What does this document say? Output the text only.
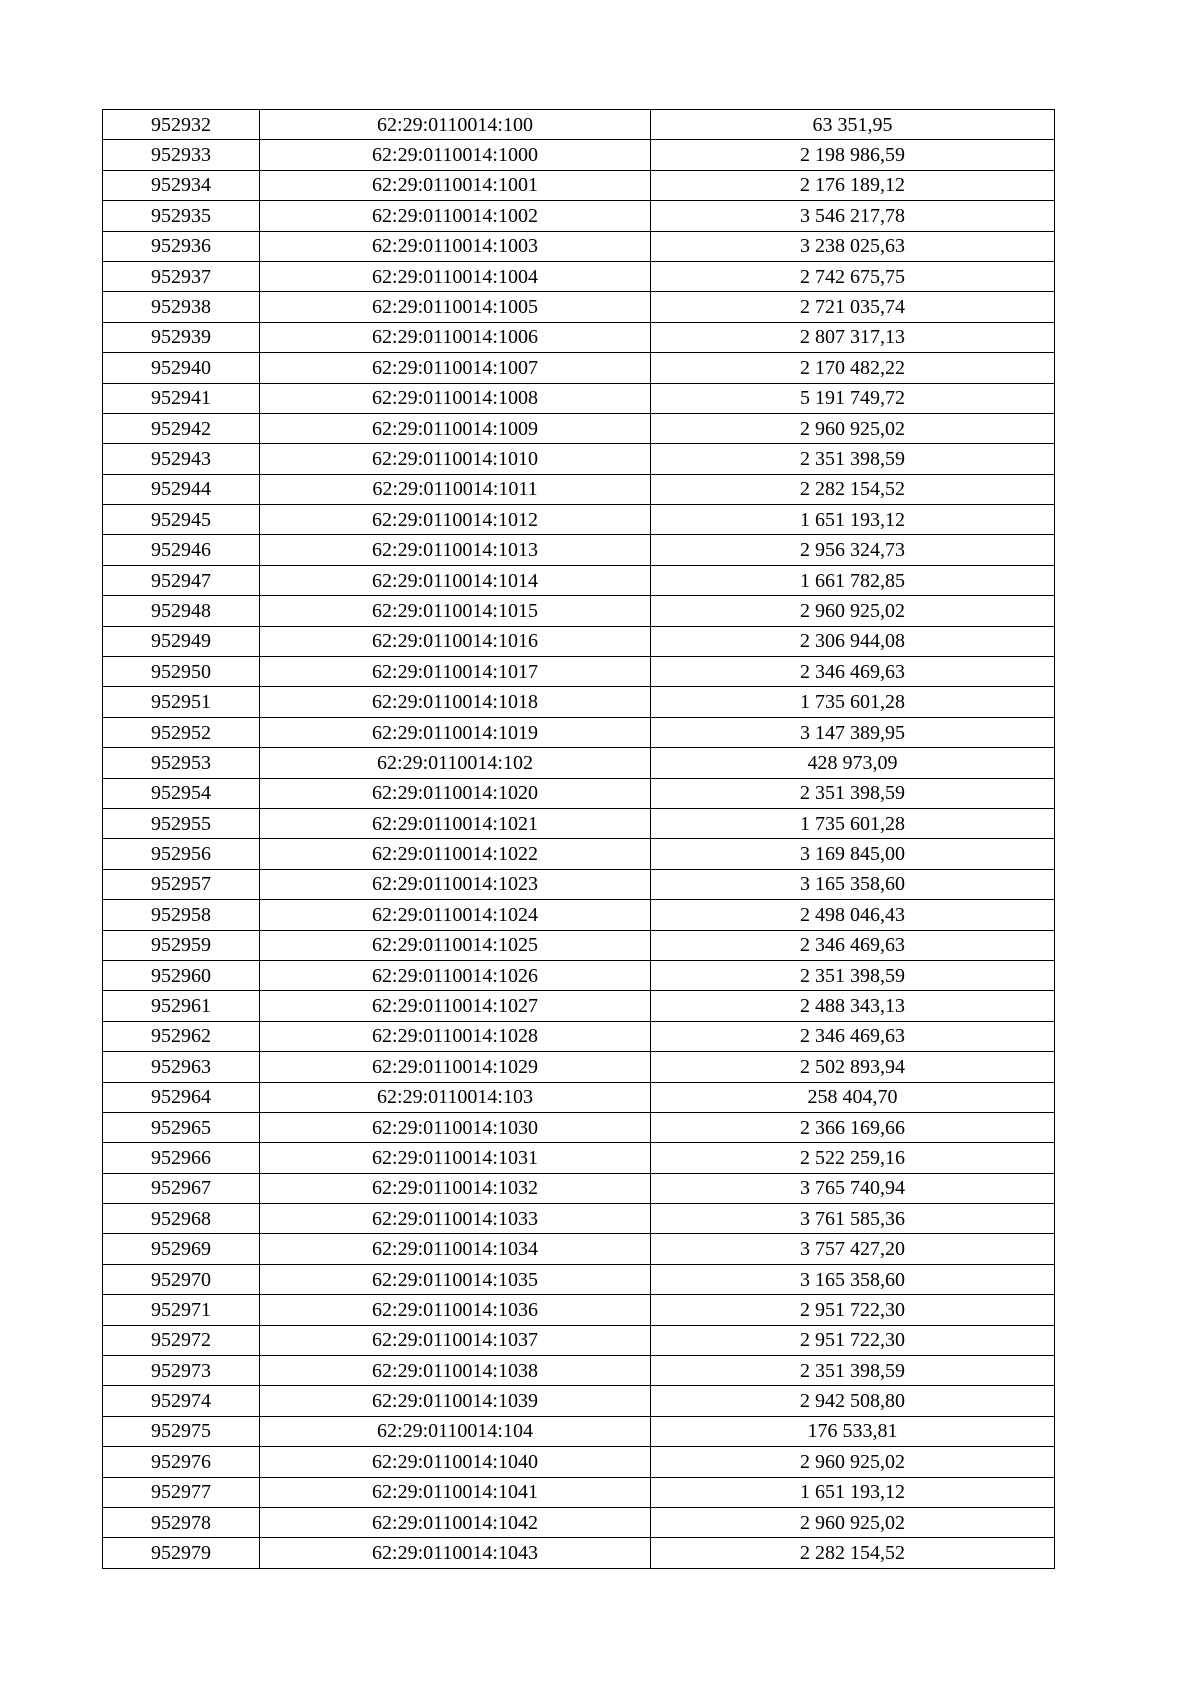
952932	62:29:0110014:100	63 351,95
952933	62:29:0110014:1000	2 198 986,59
952934	62:29:0110014:1001	2 176 189,12
952935	62:29:0110014:1002	3 546 217,78
952936	62:29:0110014:1003	3 238 025,63
952937	62:29:0110014:1004	2 742 675,75
952938	62:29:0110014:1005	2 721 035,74
952939	62:29:0110014:1006	2 807 317,13
952940	62:29:0110014:1007	2 170 482,22
952941	62:29:0110014:1008	5 191 749,72
952942	62:29:0110014:1009	2 960 925,02
952943	62:29:0110014:1010	2 351 398,59
952944	62:29:0110014:1011	2 282 154,52
952945	62:29:0110014:1012	1 651 193,12
952946	62:29:0110014:1013	2 956 324,73
952947	62:29:0110014:1014	1 661 782,85
952948	62:29:0110014:1015	2 960 925,02
952949	62:29:0110014:1016	2 306 944,08
952950	62:29:0110014:1017	2 346 469,63
952951	62:29:0110014:1018	1 735 601,28
952952	62:29:0110014:1019	3 147 389,95
952953	62:29:0110014:102	428 973,09
952954	62:29:0110014:1020	2 351 398,59
952955	62:29:0110014:1021	1 735 601,28
952956	62:29:0110014:1022	3 169 845,00
952957	62:29:0110014:1023	3 165 358,60
952958	62:29:0110014:1024	2 498 046,43
952959	62:29:0110014:1025	2 346 469,63
952960	62:29:0110014:1026	2 351 398,59
952961	62:29:0110014:1027	2 488 343,13
952962	62:29:0110014:1028	2 346 469,63
952963	62:29:0110014:1029	2 502 893,94
952964	62:29:0110014:103	258 404,70
952965	62:29:0110014:1030	2 366 169,66
952966	62:29:0110014:1031	2 522 259,16
952967	62:29:0110014:1032	3 765 740,94
952968	62:29:0110014:1033	3 761 585,36
952969	62:29:0110014:1034	3 757 427,20
952970	62:29:0110014:1035	3 165 358,60
952971	62:29:0110014:1036	2 951 722,30
952972	62:29:0110014:1037	2 951 722,30
952973	62:29:0110014:1038	2 351 398,59
952974	62:29:0110014:1039	2 942 508,80
952975	62:29:0110014:104	176 533,81
952976	62:29:0110014:1040	2 960 925,02
952977	62:29:0110014:1041	1 651 193,12
952978	62:29:0110014:1042	2 960 925,02
952979	62:29:0110014:1043	2 282 154,52
